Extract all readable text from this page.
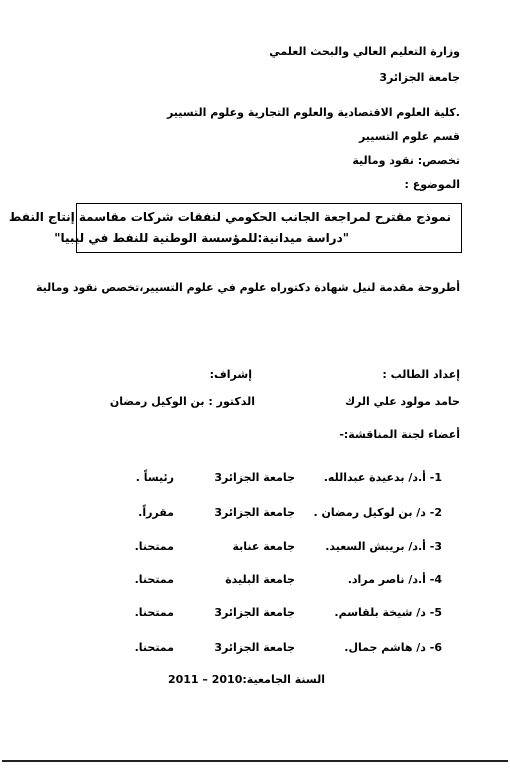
وزارة التعليم العالي والبحث العلمي
جامعة الجزائر3
.كلية العلوم الاقتصادية والعلوم التجارية وعلوم التسيير
قسم علوم التسيير
تخصص: نقود ومالية
الموضوع :
نموذج مقترح لمراجعة الجانب الحكومي لنفقات شركات مقاسمة إنتاج النفط
"دراسة ميدانية:للمؤسسة الوطنية للنفط في ليبيا"
أطروحة مقدمة لنيل شهادة دكتوراه علوم في علوم التسيير،تخصص نقود ومالية
إعداد الطالب :
إشراف:
حامد مولود علي الرك
الدكتور : بن الوكيل رمضان
أعضاء لجنة المناقشة:-
1- أ.د/ بدعيدة عبدالله.
جامعة الجزائر3
رئيساً .
2- د/ بن لوكيل رمضان .
جامعة الجزائر3
مقرراً.
3- أ.د/ بريبش السعيد.
جامعة عنابة
ممتحنا.
4- أ.د/ ناصر مراد.
جامعة البليدة
ممتحنا.
5- د/ شيخة بلقاسم.
جامعة الجزائر3
ممتحنا.
6- د/ هاشم جمال.
جامعة الجزائر3
ممتحنا.
السنة الجامعية:2010 – 2011
